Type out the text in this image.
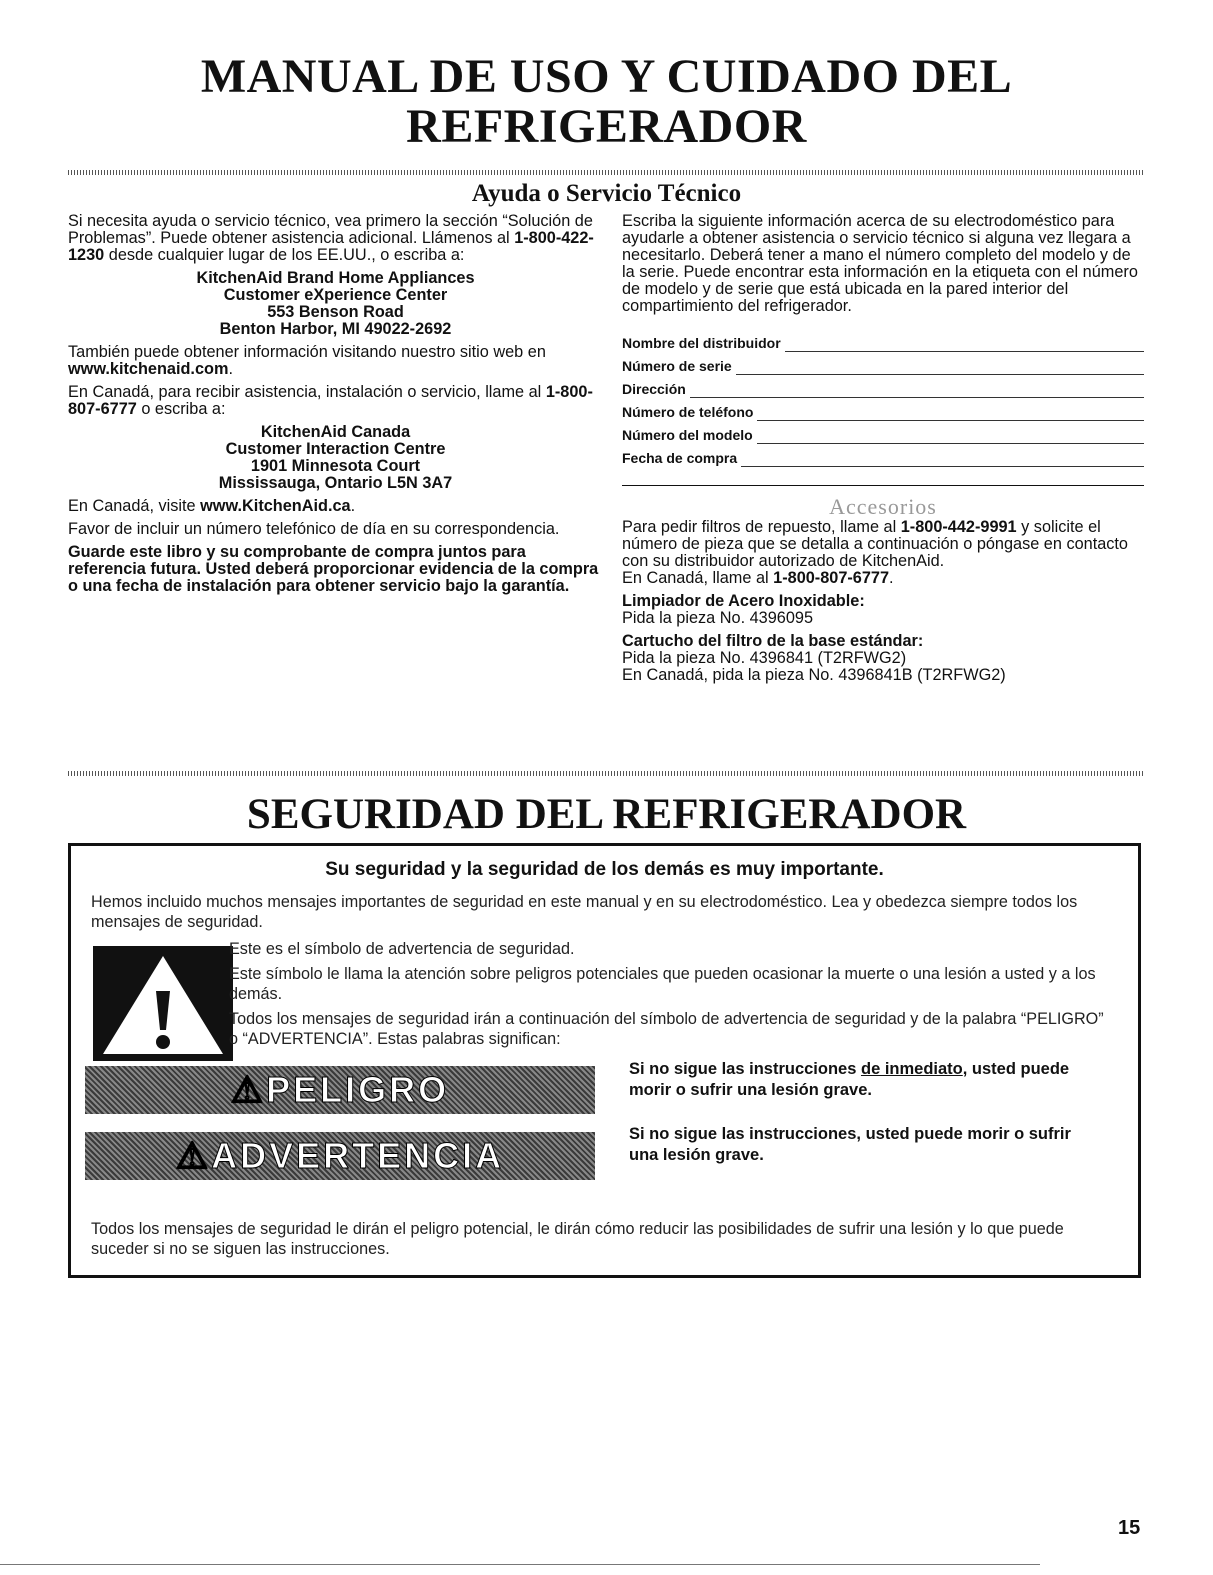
MANUAL DE USO Y CUIDADO DEL
REFRIGERADOR
Ayuda o Servicio Técnico

Si necesita ayuda o servicio técnico, vea primero la sección “Solución de Problemas”. Puede obtener asistencia adicional. Llámenos al 1-800-422-1230 desde cualquier lugar de los EE.UU., o escriba a:

KitchenAid Brand Home Appliances
Customer eXperience Center
553 Benson Road
Benton Harbor, MI 49022-2692

También puede obtener información visitando nuestro sitio web en www.kitchenaid.com.

En Canadá, para recibir asistencia, instalación o servicio, llame al 1-800-807-6777 o escriba a:

KitchenAid Canada
Customer Interaction Centre
1901 Minnesota Court
Mississauga, Ontario L5N 3A7

En Canadá, visite www.KitchenAid.ca.

Favor de incluir un número telefónico de día en su correspondencia.

Guarde este libro y su comprobante de compra juntos para referencia futura. Usted deberá proporcionar evidencia de la compra o una fecha de instalación para obtener servicio bajo la garantía.

Escriba la siguiente información acerca de su electrodoméstico para ayudarle a obtener asistencia o servicio técnico si alguna vez llegara a necesitarlo. Deberá tener a mano el número completo del modelo y de la serie. Puede encontrar esta información en la etiqueta con el número de modelo y de serie que está ubicada en la pared interior del compartimiento del refrigerador.

Nombre del distribuidor
Número de serie
Dirección
Número de teléfono
Número del modelo
Fecha de compra
Accesorios

Para pedir filtros de repuesto, llame al 1-800-442-9991 y solicite el número de pieza que se detalla a continuación o póngase en contacto con su distribuidor autorizado de KitchenAid.

En Canadá, llame al 1-800-807-6777.

Limpiador de Acero Inoxidable:

Pida la pieza No. 4396095

Cartucho del filtro de la base estándar:
Pida la pieza No. 4396841 (T2RFWG2)
En Canadá, pida la pieza No. 4396841B (T2RFWG2)
SEGURIDAD DEL REFRIGERADOR
Su seguridad y la seguridad de los demás es muy importante.
Hemos incluido muchos mensajes importantes de seguridad en este manual y en su electrodoméstico. Lea y obedezca siempre todos los mensajes de seguridad.

Este es el símbolo de advertencia de seguridad.

Este símbolo le llama la atención sobre peligros potenciales que pueden ocasionar la muerte o una lesión a usted y a los demás.

Todos los mensajes de seguridad irán a continuación del símbolo de advertencia de seguridad y de la palabra “PELIGRO” o “ADVERTENCIA”. Estas palabras significan:

⚠PELIGRO	Si no sigue las instrucciones de inmediato, usted puede morir o sufrir una lesión grave.
⚠ADVERTENCIA
Si no sigue las instrucciones, usted puede morir o sufrir una lesión grave.
Todos los mensajes de seguridad le dirán el peligro potencial, le dirán cómo reducir las posibilidades de sufrir una lesión y lo que puede suceder si no se siguen las instrucciones.
15
